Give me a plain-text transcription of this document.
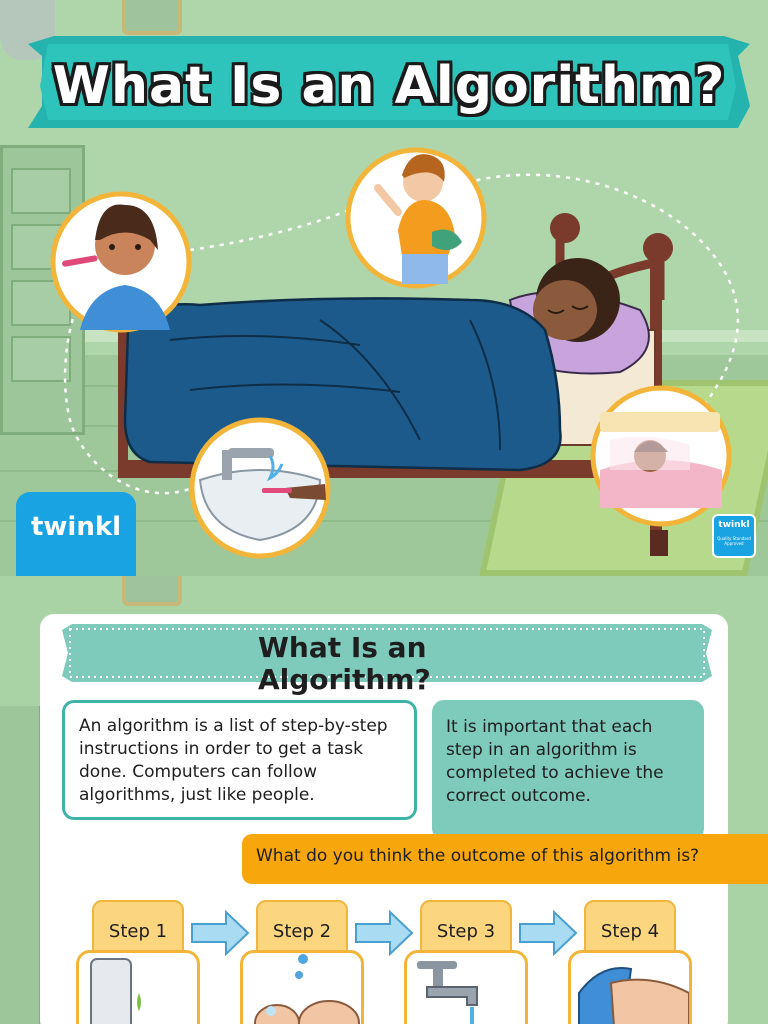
What Is an Algorithm?
twinkl	twinkl
Quality Standard Approved
What Is an Algorithm?
An algorithm is a list of step-by-step instructions in order to get a task done. Computers can follow algorithms, just like people.
It is important that each step in an algorithm is completed to achieve the correct outcome.
What do you think the outcome of this algorithm is?
Step 1	Step 2	Step 3	Step 4
